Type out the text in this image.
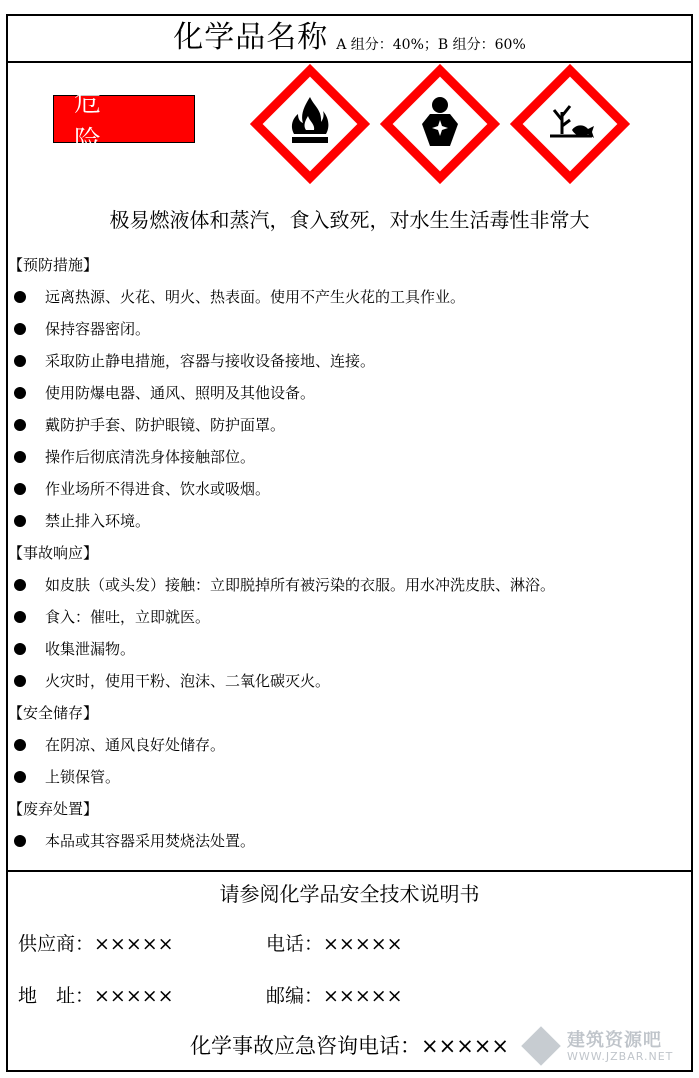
化学品名称 A 组分：40%；B 组分：60%
危 险
极易燃液体和蒸汽，食入致死，对水生生活毒性非常大
【预防措施】
远离热源、火花、明火、热表面。使用不产生火花的工具作业。
保持容器密闭。
采取防止静电措施，容器与接收设备接地、连接。
使用防爆电器、通风、照明及其他设备。
戴防护手套、防护眼镜、防护面罩。
操作后彻底清洗身体接触部位。
作业场所不得进食、饮水或吸烟。
禁止排入环境。
【事故响应】
如皮肤（或头发）接触：立即脱掉所有被污染的衣服。用水冲洗皮肤、淋浴。
食入：催吐，立即就医。
收集泄漏物。
火灾时，使用干粉、泡沫、二氧化碳灭火。
【安全储存】
在阴凉、通风良好处储存。
上锁保管。
【废弃处置】
本品或其容器采用焚烧法处置。
请参阅化学品安全技术说明书
供应商：×××××	电话：×××××
地　址：×××××	邮编：×××××
化学事故应急咨询电话：×××××	建筑资源吧
WWW.JZBAR.NET
